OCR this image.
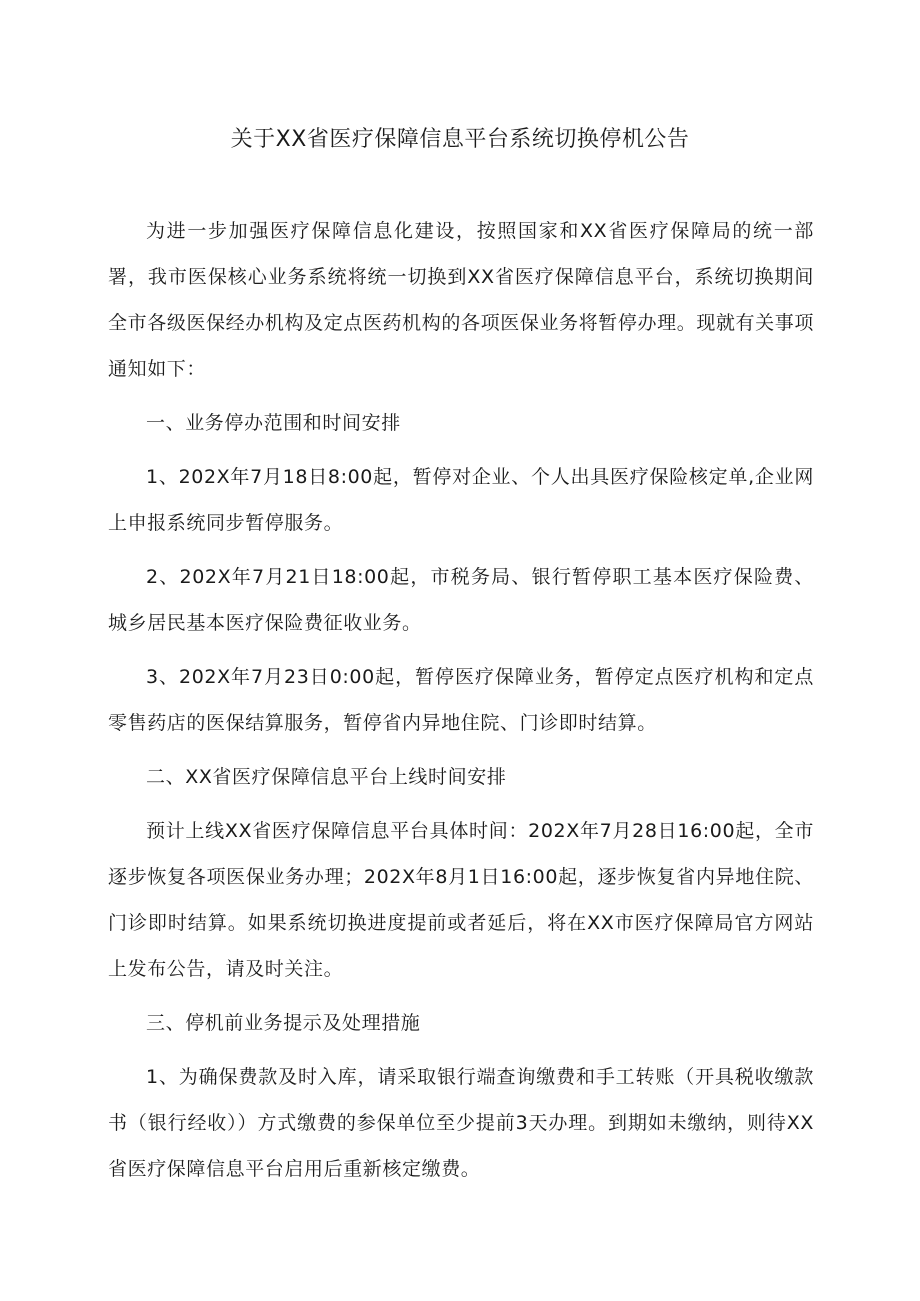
关于XX省医疗保障信息平台系统切换停机公告

为进一步加强医疗保障信息化建设，按照国家和XX省医疗保障局的统一部署，我市医保核心业务系统将统一切换到XX省医疗保障信息平台，系统切换期间全市各级医保经办机构及定点医药机构的各项医保业务将暂停办理。现就有关事项通知如下：

一、业务停办范围和时间安排

1、202X年7月18日8:00起，暂停对企业、个人出具医疗保险核定单,企业网上申报系统同步暂停服务。

2、202X年7月21日18:00起，市税务局、银行暂停职工基本医疗保险费、城乡居民基本医疗保险费征收业务。

3、202X年7月23日0:00起，暂停医疗保障业务，暂停定点医疗机构和定点零售药店的医保结算服务，暂停省内异地住院、门诊即时结算。

二、XX省医疗保障信息平台上线时间安排

预计上线XX省医疗保障信息平台具体时间：202X年7月28日16:00起，全市逐步恢复各项医保业务办理；202X年8月1日16:00起，逐步恢复省内异地住院、门诊即时结算。如果系统切换进度提前或者延后，将在XX市医疗保障局官方网站上发布公告，请及时关注。

三、停机前业务提示及处理措施

1、为确保费款及时入库，请采取银行端查询缴费和手工转账（开具税收缴款书（银行经收））方式缴费的参保单位至少提前3天办理。到期如未缴纳，则待XX省医疗保障信息平台启用后重新核定缴费。
